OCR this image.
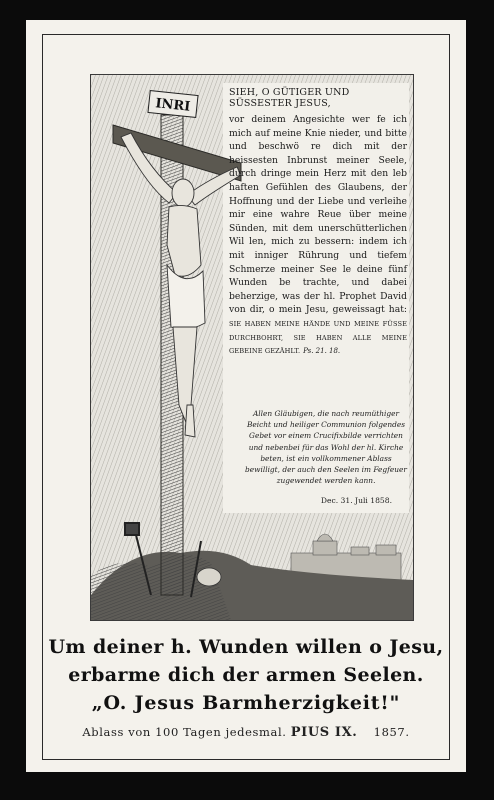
INRI
SIEH, O GÜTIGER UND SÜSSESTER JESUS,
vor deinem Angesichte wer fe ich mich auf meine Knie nieder, und bitte und beschwö re dich mit der heissesten Inbrunst meiner Seele, durch dringe mein Herz mit den leb haften Gefühlen des Glaubens, der Hoffnung und der Liebe und verleihe mir eine wahre Reue über meine Sünden, mit dem unerschütterlichen Wil len, mich zu bessern: indem ich mit inniger Rührung und tiefem Schmerze meiner See le deine fünf Wunden be trachte, und dabei beherzige, was der hl. Prophet David von dir, o mein Jesu, geweissagt hat: SIE HABEN MEINE HÄNDE UND MEINE FÜSSE DURCHBOHRT, SIE HABEN ALLE MEINE GEBEINE GEZÄHLT. Ps. 21. 18.
Allen Gläubigen, die nach reumüthiger Beicht und heiliger Communion folgendes Gebet vor einem Crucifixbilde verrichten und nebenbei für das Wohl der hl. Kirche beten, ist ein vollkommener Ablass bewilligt, der auch den Seelen im Fegfeuer zugewendet werden kann.
Dec. 31. Juli 1858.
Um deiner h. Wunden willen o Jesu,
erbarme dich der armen Seelen.
„O. Jesus Barmherzigkeit!"
Ablass von 100 Tagen jedesmal. PIUS IX. 1857.
